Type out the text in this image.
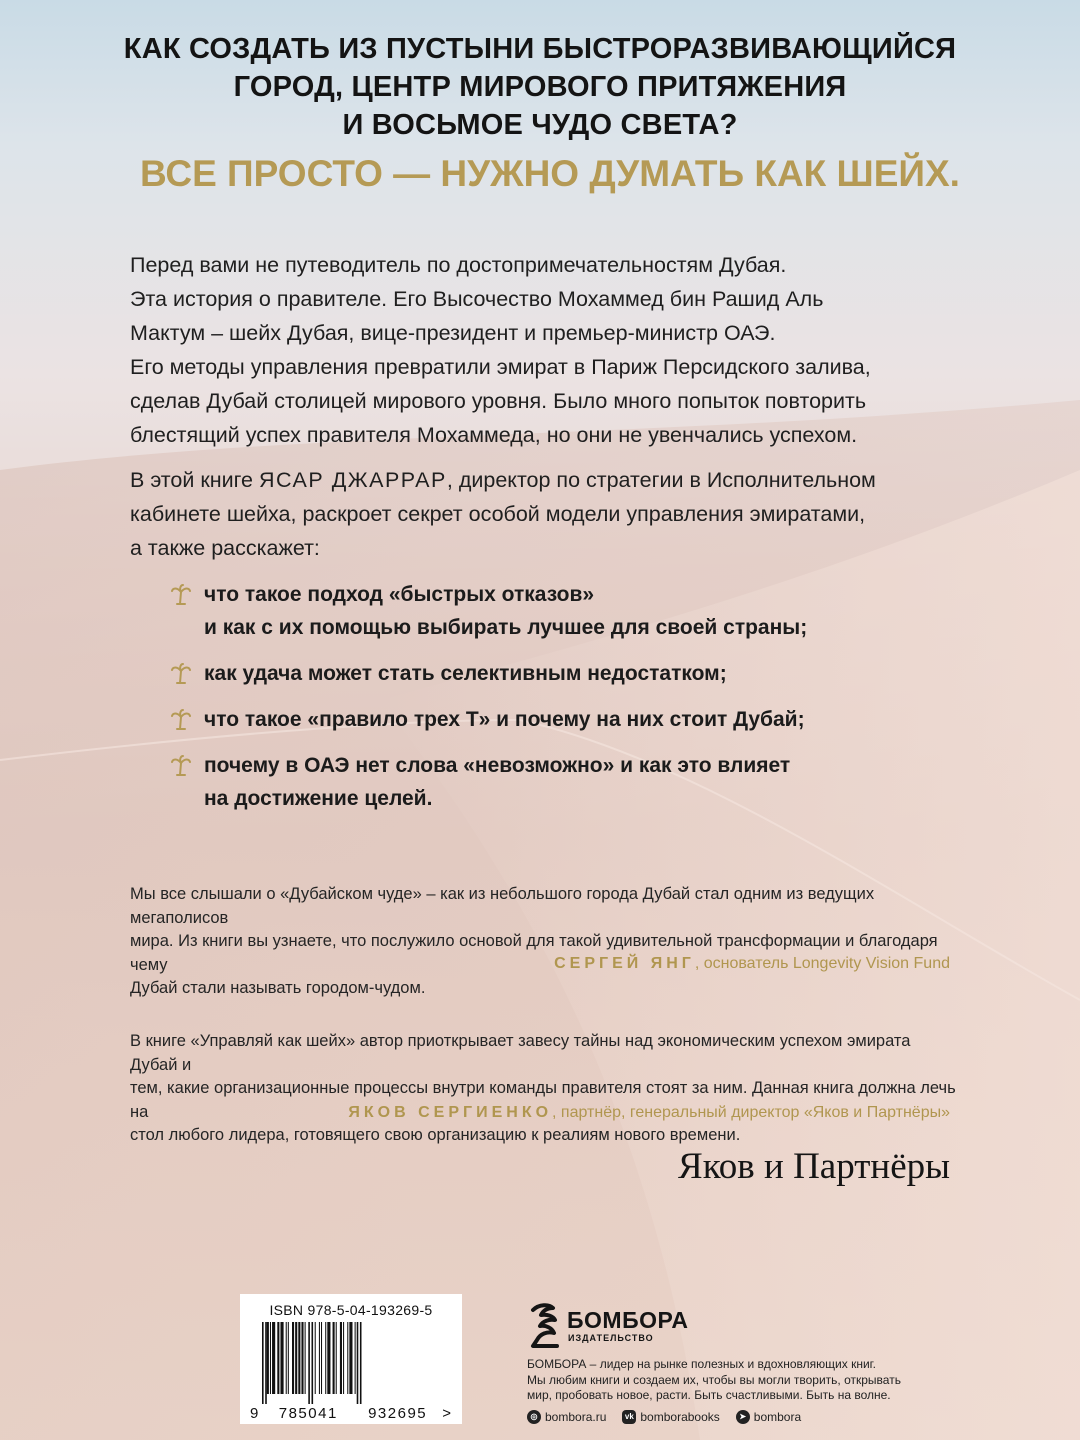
КАК СОЗДАТЬ ИЗ ПУСТЫНИ БЫСТРОРАЗВИВАЮЩИЙСЯ
ГОРОД, ЦЕНТР МИРОВОГО ПРИТЯЖЕНИЯ
И ВОСЬМОЕ ЧУДО СВЕТА?
ВСЕ ПРОСТО — НУЖНО ДУМАТЬ КАК ШЕЙХ.
Перед вами не путеводитель по достопримечательностям Дубая.
Эта история о правителе. Его Высочество Мохаммед бин Рашид Аль
Мактум – шейх Дубая, вице-президент и премьер-министр ОАЭ.
Его методы управления превратили эмират в Париж Персидского залива,
сделав Дубай столицей мирового уровня. Было много попыток повторить
блестящий успех правителя Мохаммеда, но они не увенчались успехом.
В этой книге ЯСАР ДЖАРРАР, директор по стратегии в Исполнительном
кабинете шейха, раскроет секрет особой модели управления эмиратами,
а также расскажет:
что такое подход «быстрых отказов»
и как с их помощью выбирать лучшее для своей страны;
как удача может стать селективным недостатком;
что такое «правило трех Т» и почему на них стоит Дубай;
почему в ОАЭ нет слова «невозможно» и как это влияет
на достижение целей.
Мы все слышали о «Дубайском чуде» – как из небольшого города Дубай стал одним из ведущих мегаполисов
мира. Из книги вы узнаете, что послужило основой для такой удивительной трансформации и благодаря чему
Дубай стали называть городом-чудом.
СЕРГЕЙ ЯНГ, основатель Longevity Vision Fund
В книге «Управляй как шейх» автор приоткрывает завесу тайны над экономическим успехом эмирата Дубай и
тем, какие организационные процессы внутри команды правителя стоят за ним. Данная книга должна лечь на
стол любого лидера, готовящего свою организацию к реалиям нового времени.
ЯКОВ СЕРГИЕНКО, партнёр, генеральный директор «Яков и Партнёры»
Яков и Партнёры
ISBN 978-5-04-193269-5
9	785041	932695	>
БОМБОРА
ИЗДАТЕЛЬСТВО
БОМБОРА – лидер на рынке полезных и вдохновляющих книг.
Мы любим книги и создаем их, чтобы вы могли творить, открывать
мир, пробовать новое, расти. Быть счастливыми. Быть на волне.
◎ bombora.ru	vk bomborabooks	➤ bombora
